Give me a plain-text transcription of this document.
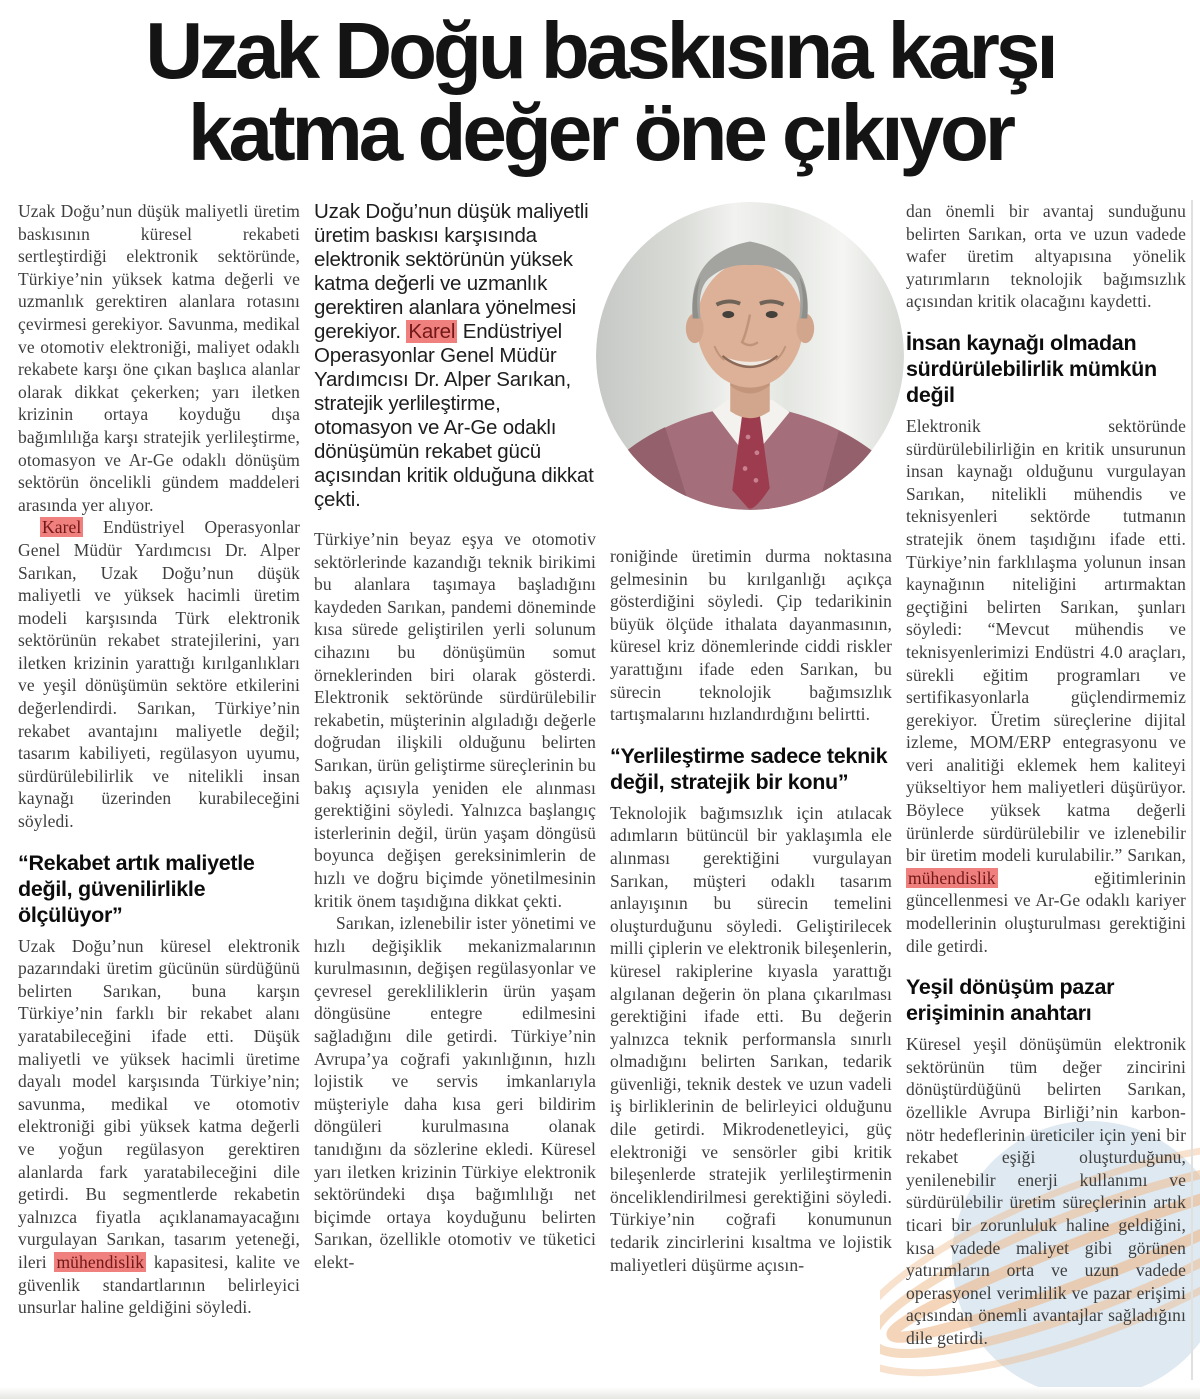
Uzak Doğu baskısına karşı
katma değer öne çıkıyor

Uzak Doğu’nun düşük maliyetli üretim baskısının küresel rekabeti sertleştirdiği elektronik sektöründe, Türkiye’nin yüksek katma değerli ve uzmanlık gerektiren alanlara rotasını çevirmesi gerekiyor. Savunma, medikal ve otomotiv elektroniği, maliyet odaklı rekabete karşı öne çıkan başlıca alanlar olarak dikkat çekerken; yarı iletken krizinin ortaya koyduğu dışa bağımlılığa karşı stratejik yerlileştirme, otomasyon ve Ar-Ge odaklı dönüşüm sektörün öncelikli gündem maddeleri arasında yer alıyor.

Karel Endüstriyel Operasyonlar Genel Müdür Yardımcısı Dr. Alper Sarıkan, Uzak Doğu’nun düşük maliyetli ve yüksek hacimli üretim modeli karşısında Türk elektronik sektörünün rekabet stratejilerini, yarı iletken krizinin yarattığı kırılganlıkları ve yeşil dönüşümün sektöre etkilerini değerlendirdi. Sarıkan, Türkiye’nin rekabet avantajını maliyetle değil; tasarım kabiliyeti, regülasyon uyumu, sürdürülebilirlik ve nitelikli insan kaynağı üzerinden kurabileceğini söyledi.

“Rekabet artık maliyetle değil, güvenilirlikle ölçülüyor”

Uzak Doğu’nun küresel elektronik pazarındaki üretim gücünün sürdüğünü belirten Sarıkan, buna karşın Türkiye’nin farklı bir rekabet alanı yaratabileceğini ifade etti. Düşük maliyetli ve yüksek hacimli üretime dayalı model karşısında Türkiye’nin; savunma, medikal ve otomotiv elektroniği gibi yüksek katma değerli ve yoğun regülasyon gerektiren alanlarda fark yaratabileceğini dile getirdi. Bu segmentlerde rekabetin yalnızca fiyatla açıklanamayacağını vurgulayan Sarıkan, tasarım yeteneği, ileri mühendislik kapasitesi, kalite ve güvenlik standartlarının belirleyici unsurlar haline geldiğini söyledi.

Uzak Doğu’nun düşük maliyetli üretim baskısı karşısında elektronik sektörünün yüksek katma değerli ve uzmanlık gerektiren alanlara yönelmesi gerekiyor. Karel Endüstriyel Operasyonlar Genel Müdür Yardımcısı Dr. Alper Sarıkan, stratejik yerlileştirme, otomasyon ve Ar-Ge odaklı dönüşümün rekabet gücü açısından kritik olduğuna dikkat çekti.

Türkiye’nin beyaz eşya ve otomotiv sektörlerinde kazandığı teknik birikimi bu alanlara taşımaya başladığını kaydeden Sarıkan, pandemi döneminde kısa sürede geliştirilen yerli solunum cihazını bu dönüşümün somut örneklerinden biri olarak gösterdi. Elektronik sektöründe sürdürülebilir rekabetin, müşterinin algıladığı değerle doğrudan ilişkili olduğunu belirten Sarıkan, ürün geliştirme süreçlerinin bu bakış açısıyla yeniden ele alınması gerektiğini söyledi. Yalnızca başlangıç isterlerinin değil, ürün yaşam döngüsü boyunca değişen gereksinimlerin de hızlı ve doğru biçimde yönetilmesinin kritik önem taşıdığına dikkat çekti.

Sarıkan, izlenebilir ister yönetimi ve hızlı değişiklik mekanizmalarının kurulmasının, değişen regülasyonlar ve çevresel gerekliliklerin ürün yaşam döngüsüne entegre edilmesini sağladığını dile getirdi. Türkiye’nin Avrupa’ya coğrafi yakınlığının, hızlı lojistik ve servis imkanlarıyla müşteriyle daha kısa geri bildirim döngüleri kurulmasına olanak tanıdığını da sözlerine ekledi. Küresel yarı iletken krizinin Türkiye elektronik sektöründeki dışa bağımlılığı net biçimde ortaya koyduğunu belirten Sarıkan, özellikle otomotiv ve tüketici elekt-

roniğinde üretimin durma noktasına gelmesinin bu kırılganlığı açıkça gösterdiğini söyledi. Çip tedarikinin büyük ölçüde ithalata dayanmasının, küresel kriz dönemlerinde ciddi riskler yarattığını ifade eden Sarıkan, bu sürecin teknolojik bağımsızlık tartışmalarını hızlandırdığını belirtti.

“Yerlileştirme sadece teknik değil, stratejik bir konu”

Teknolojik bağımsızlık için atılacak adımların bütüncül bir yaklaşımla ele alınması gerektiğini vurgulayan Sarıkan, müşteri odaklı tasarım anlayışının bu sürecin temelini oluşturduğunu söyledi. Geliştirilecek milli çiplerin ve elektronik bileşenlerin, küresel rakiplerine kıyasla yarattığı algılanan değerin ön plana çıkarılması gerektiğini ifade etti. Bu değerin yalnızca teknik performansla sınırlı olmadığını belirten Sarıkan, tedarik güvenliği, teknik destek ve uzun vadeli iş birliklerinin de belirleyici olduğunu dile getirdi. Mikrodenetleyici, güç elektroniği ve sensörler gibi kritik bileşenlerde stratejik yerlileştirmenin önceliklendirilmesi gerektiğini söyledi. Türkiye’nin coğrafi konumunun tedarik zincirlerini kısaltma ve lojistik maliyetleri düşürme açısın-

dan önemli bir avantaj sunduğunu belirten Sarıkan, orta ve uzun vadede wafer üretim altyapısına yönelik yatırımların teknolojik bağımsızlık açısından kritik olacağını kaydetti.

İnsan kaynağı olmadan sürdürülebilirlik mümkün değil

Elektronik sektöründe sürdürülebilirliğin en kritik unsurunun insan kaynağı olduğunu vurgulayan Sarıkan, nitelikli mühendis ve teknisyenleri sektörde tutmanın stratejik önem taşıdığını ifade etti. Türkiye’nin farklılaşma yolunun insan kaynağının niteliğini artırmaktan geçtiğini belirten Sarıkan, şunları söyledi: “Mevcut mühendis ve teknisyenlerimizi Endüstri 4.0 araçları, sürekli eğitim programları ve sertifikasyonlarla güçlendirmemiz gerekiyor. Üretim süreçlerine dijital izleme, MOM/ERP entegrasyonu ve veri analitiği eklemek hem kaliteyi yükseltiyor hem maliyetleri düşürüyor. Böylece yüksek katma değerli ürünlerde sürdürülebilir ve izlenebilir bir üretim modeli kurulabilir.” Sarıkan, mühendislik eğitimlerinin güncellenmesi ve Ar-Ge odaklı kariyer modellerinin oluşturulması gerektiğini dile getirdi.

Yeşil dönüşüm pazar erişiminin anahtarı

Küresel yeşil dönüşümün elektronik sektörünün tüm değer zincirini dönüştürdüğünü belirten Sarıkan, özellikle Avrupa Birliği’nin karbon-nötr hedeflerinin üreticiler için yeni bir rekabet eşiği oluşturduğunu, yenilenebilir enerji kullanımı ve sürdürülebilir üretim süreçlerinin artık ticari bir zorunluluk haline geldiğini, kısa vadede maliyet gibi görünen yatırımların orta ve uzun vadede operasyonel verimlilik ve pazar erişimi açısından önemli avantajlar sağladığını dile getirdi.
